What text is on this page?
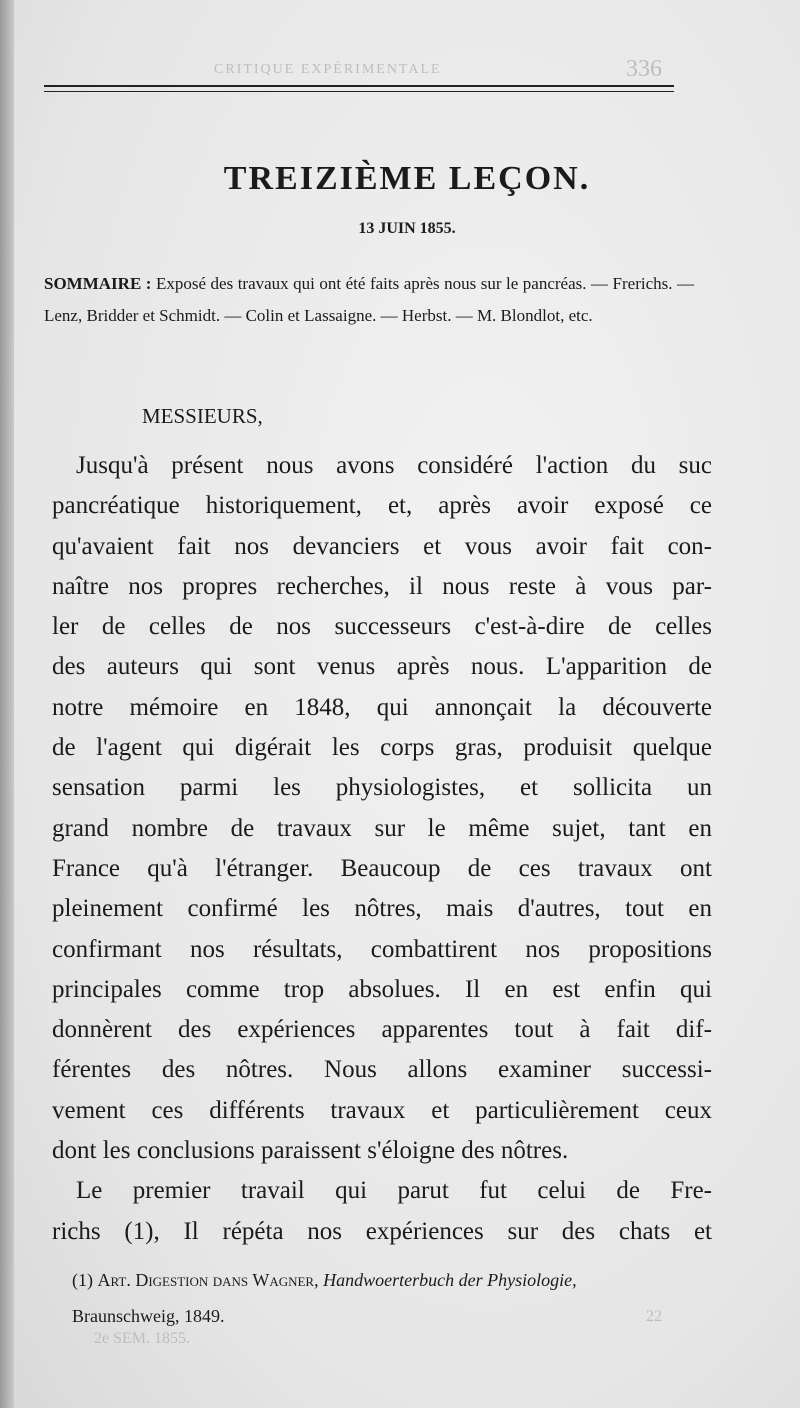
CRITIQUE EXPÉRIMENTALE	336
TREIZIÈME LEÇON.
13 JUIN 1855.
SOMMAIRE : Exposé des travaux qui ont été faits après nous sur le pancréas. — Frerichs. — Lenz, Bridder et Schmidt. — Colin et Lassaigne. — Herbst. — M. Blondlot, etc.
MESSIEURS,
Jusqu'à présent nous avons considéré l'action du suc
pancréatique historiquement, et, après avoir exposé ce
qu'avaient fait nos devanciers et vous avoir fait con-
naître nos propres recherches, il nous reste à vous par-
ler de celles de nos successeurs c'est-à-dire de celles
des auteurs qui sont venus après nous. L'apparition de
notre mémoire en 1848, qui annonçait la découverte
de l'agent qui digérait les corps gras, produisit quelque
sensation parmi les physiologistes, et sollicita un
grand nombre de travaux sur le même sujet, tant en
France qu'à l'étranger. Beaucoup de ces travaux ont
pleinement confirmé les nôtres, mais d'autres, tout en
confirmant nos résultats, combattirent nos propositions
principales comme trop absolues. Il en est enfin qui
donnèrent des expériences apparentes tout à fait dif-
férentes des nôtres. Nous allons examiner successi-
vement ces différents travaux et particulièrement ceux
dont les conclusions paraissent s'éloigne des nôtres.
Le premier travail qui parut fut celui de Fre-
richs (1), Il répéta nos expériences sur des chats et
(1) Art. Digestion dans Wagner, Handwoerterbuch der Physiologie,
Braunschweig, 1849.	22
2e SEM. 1855.
